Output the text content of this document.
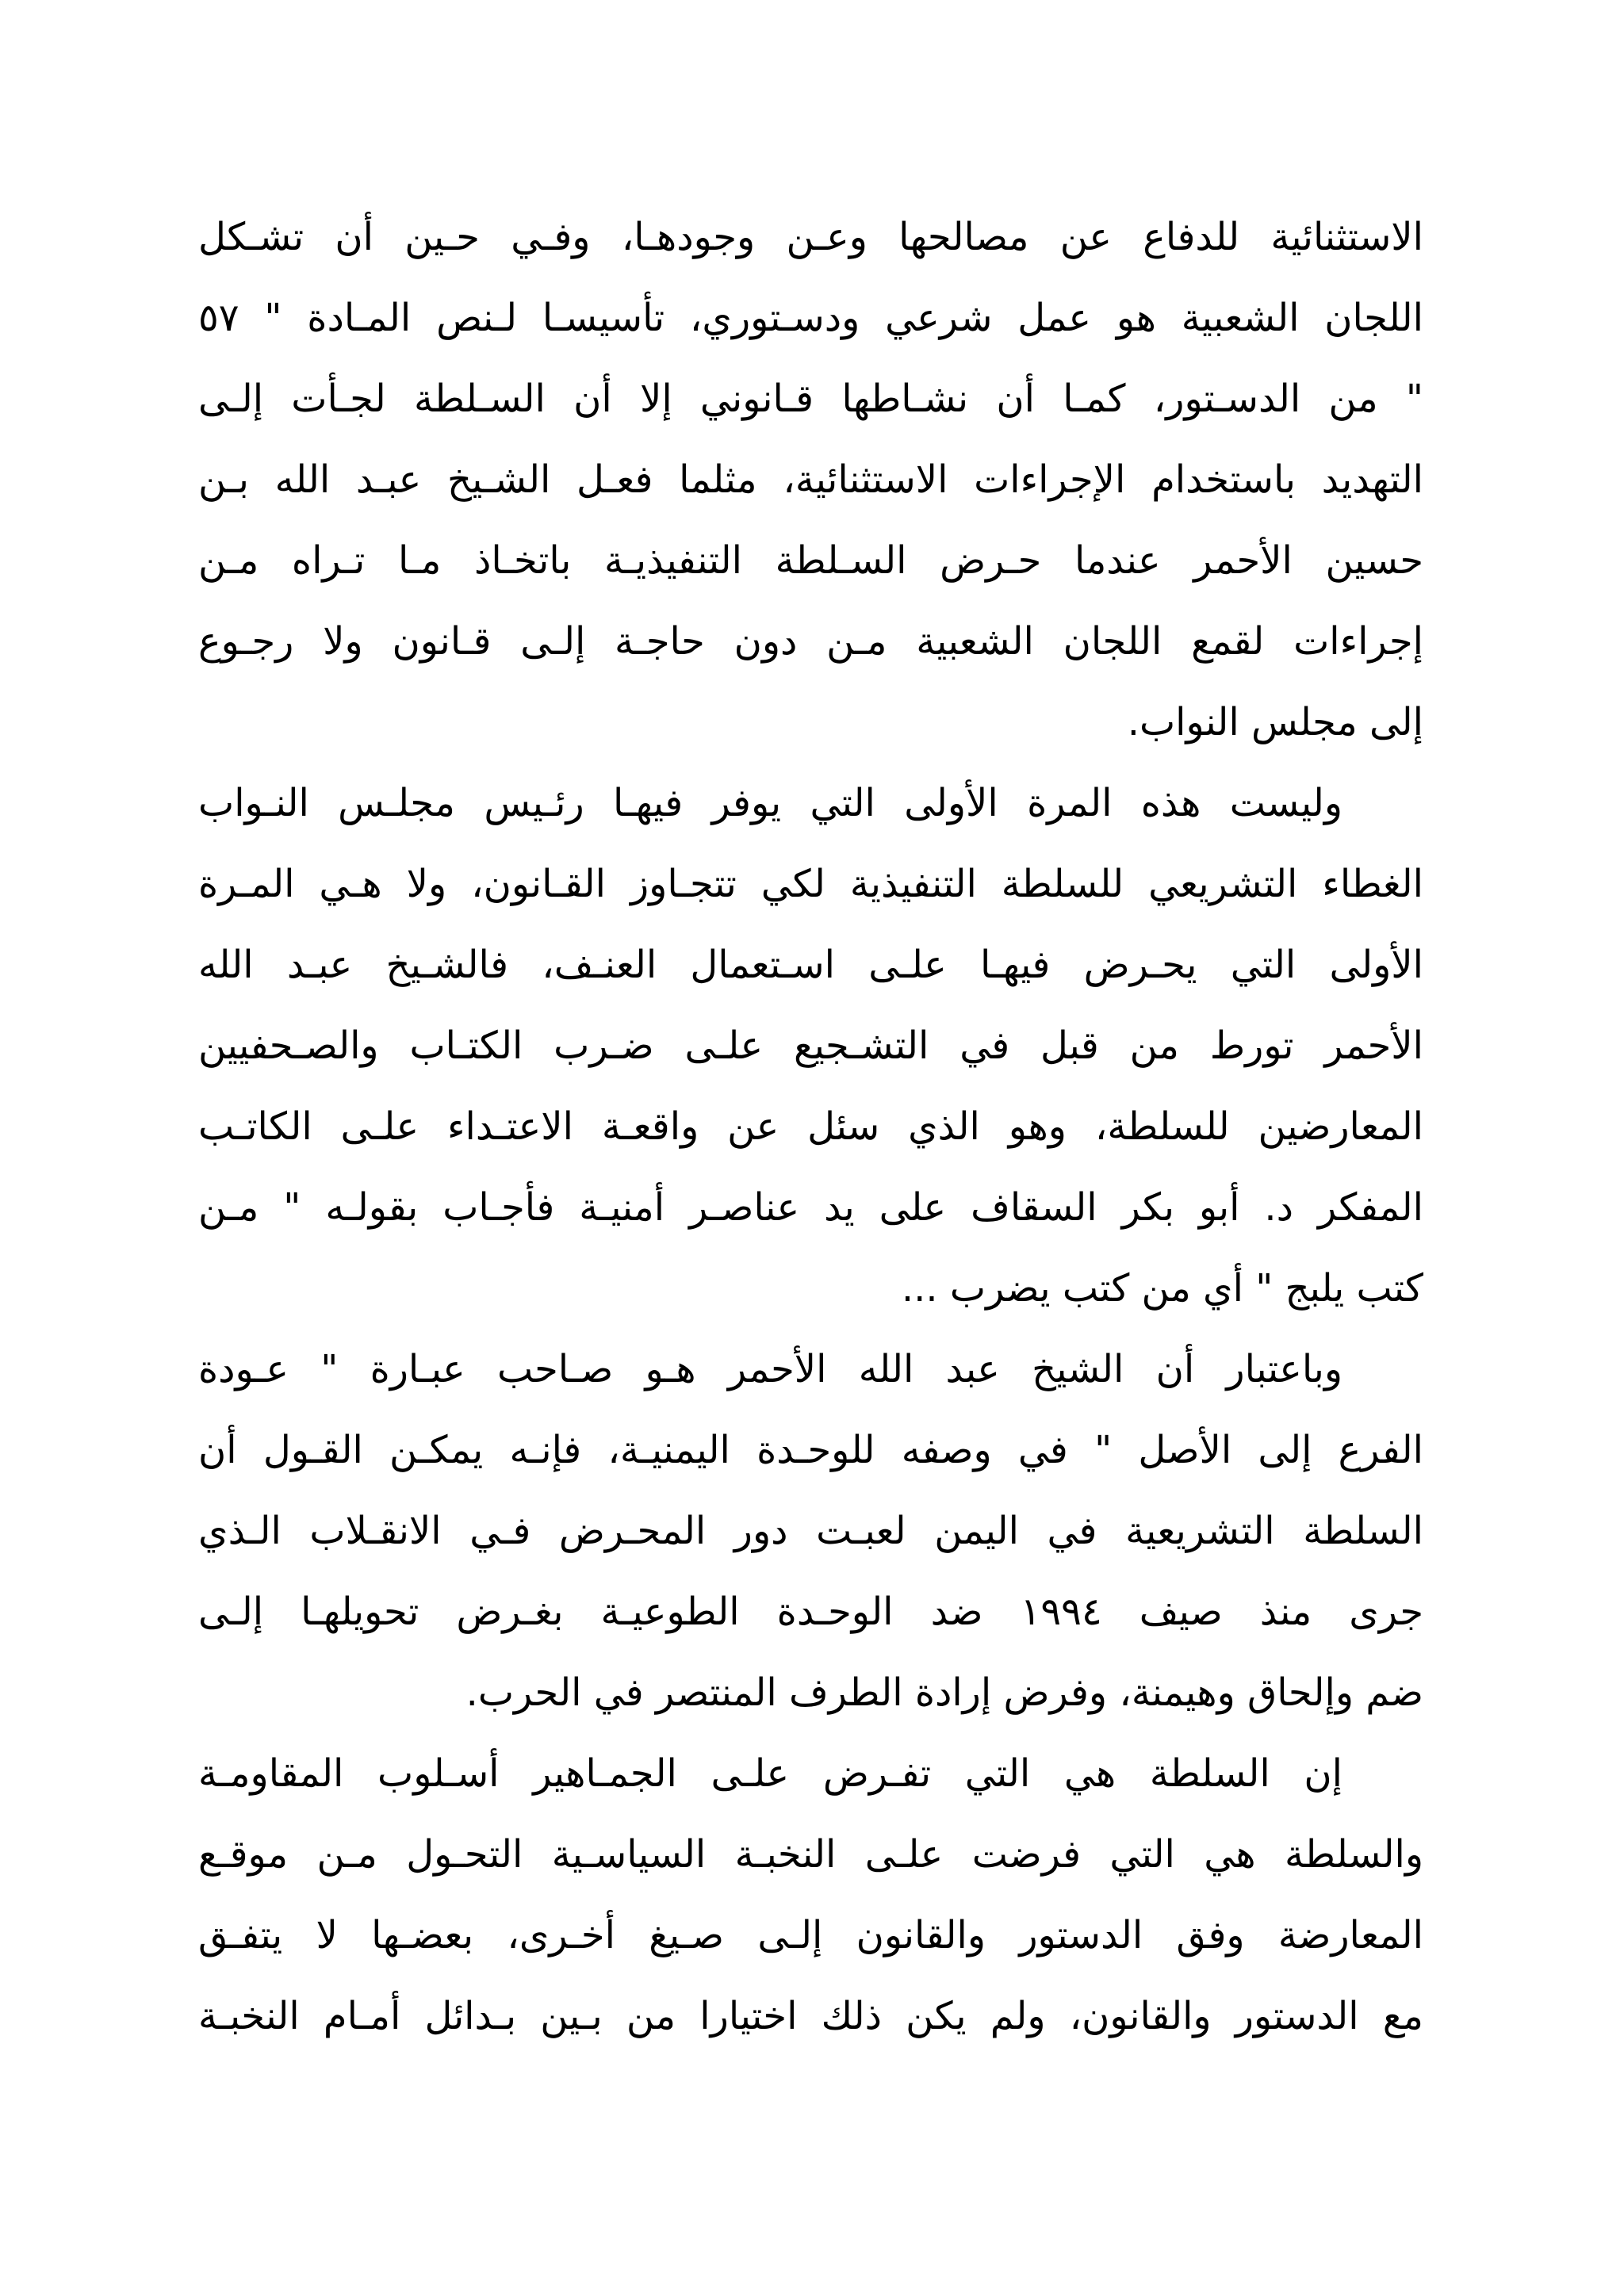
الاستثنائية للدفاع عن مصالحها وعـن وجودهـا، وفـي حـين أن تشـكل
اللجان الشعبية هو عمل شرعي ودسـتوري، تأسيسـا لـنص المـادة " ٥٧
" من الدسـتور، كمـا أن نشـاطها قـانوني إلا أن السـلطة لجـأت إلـى
التهديد باستخدام الإجراءات الاستثنائية، مثلما فعـل الشـيخ عبـد الله بـن
حسين الأحمر عندما حـرض السـلطة التنفيذيـة باتخـاذ مـا تـراه مـن
إجراءات لقمع اللجان الشعبية مـن دون حاجـة إلـى قـانون ولا رجـوع
إلى مجلس النواب.
وليست هذه المرة الأولى التي يوفر فيهـا رئـيس مجلـس النـواب
الغطاء التشريعي للسلطة التنفيذية لكي تتجـاوز القـانون، ولا هـي المـرة
الأولى التي يحـرض فيهـا علـى اسـتعمال العنـف، فالشـيخ عبـد الله
الأحمر تورط من قبل في التشـجيع علـى ضـرب الكتـاب والصـحفيين
المعارضين للسلطة، وهو الذي سئل عن واقعـة الاعتـداء علـى الكاتـب
المفكر د. أبو بكر السقاف على يد عناصـر أمنيـة فأجـاب بقولـه " مـن
كتب يلبج " أي من كتب يضرب ...
وباعتبار أن الشيخ عبد الله الأحمر هـو صـاحب عبـارة " عـودة
الفرع إلى الأصل " في وصفه للوحـدة اليمنيـة، فإنـه يمكـن القـول أن
السلطة التشريعية في اليمن لعبـت دور المحـرض فـي الانقـلاب الـذي
جرى منذ صيف ١٩٩٤ ضد الوحـدة الطوعيـة بغـرض تحويلهـا إلـى
ضم وإلحاق وهيمنة، وفرض إرادة الطرف المنتصر في الحرب.
إن السلطة هي التي تفـرض علـى الجمـاهير أسـلوب المقاومـة
والسلطة هي التي فرضت علـى النخبـة السياسـية التحـول مـن موقـع
المعارضة وفق الدستور والقانون إلـى صـيغ أخـرى، بعضـها لا يتفـق
مع الدستور والقانون، ولم يكن ذلك اختيارا من بـين بـدائل أمـام النخبـة
